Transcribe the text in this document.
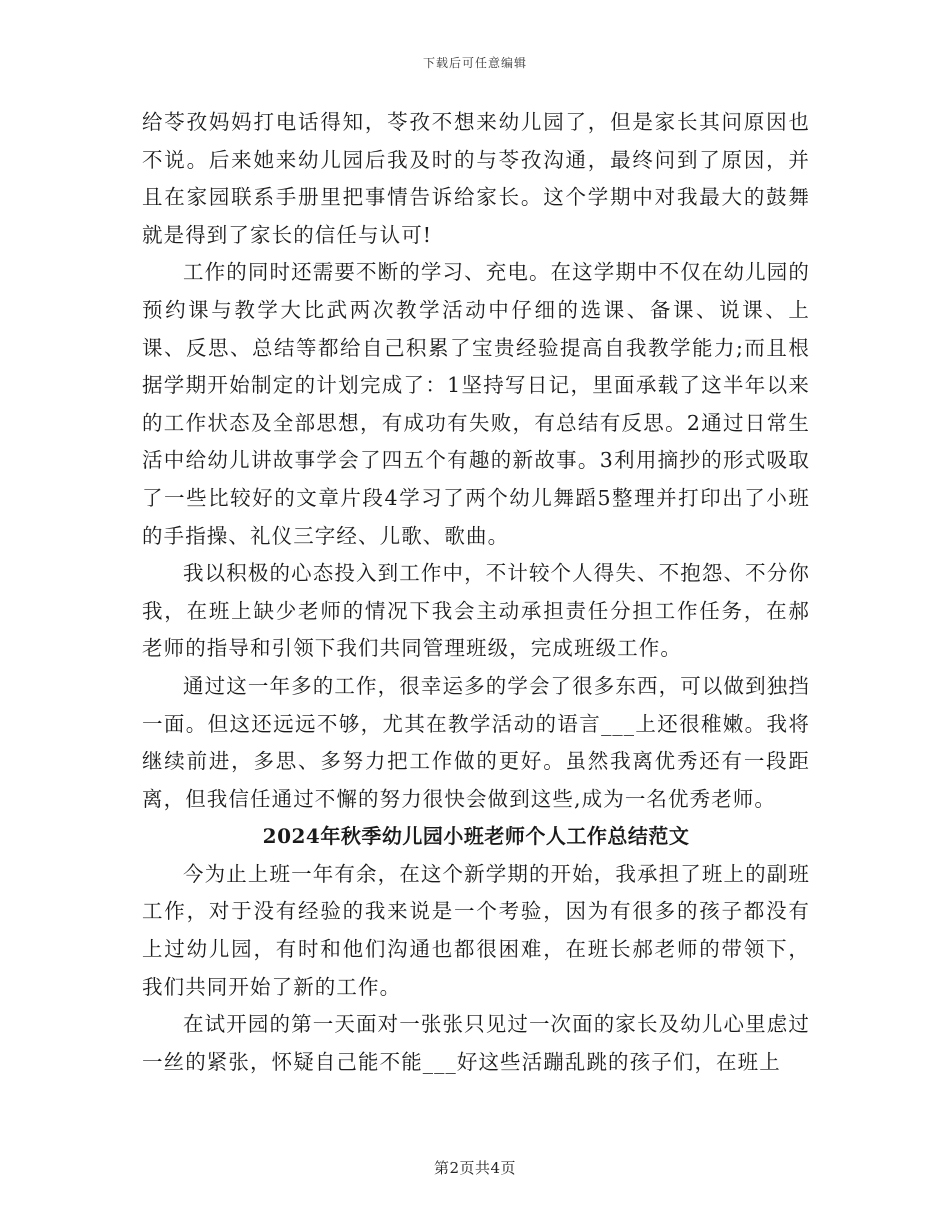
下载后可任意编辑

给苓孜妈妈打电话得知，苓孜不想来幼儿园了，但是家长其问原因也不说。后来她来幼儿园后我及时的与苓孜沟通，最终问到了原因，并且在家园联系手册里把事情告诉给家长。这个学期中对我最大的鼓舞就是得到了家长的信任与认可!

工作的同时还需要不断的学习、充电。在这学期中不仅在幼儿园的预约课与教学大比武两次教学活动中仔细的选课、备课、说课、上课、反思、总结等都给自己积累了宝贵经验提高自我教学能力;而且根据学期开始制定的计划完成了：1坚持写日记，里面承载了这半年以来的工作状态及全部思想，有成功有失败，有总结有反思。2通过日常生活中给幼儿讲故事学会了四五个有趣的新故事。3利用摘抄的形式吸取了一些比较好的文章片段4学习了两个幼儿舞蹈5整理并打印出了小班的手指操、礼仪三字经、儿歌、歌曲。

我以积极的心态投入到工作中，不计较个人得失、不抱怨、不分你我，在班上缺少老师的情况下我会主动承担责任分担工作任务，在郝老师的指导和引领下我们共同管理班级，完成班级工作。

通过这一年多的工作，很幸运多的学会了很多东西，可以做到独挡一面。但这还远远不够，尤其在教学活动的语言___上还很稚嫩。我将继续前进，多思、多努力把工作做的更好。虽然我离优秀还有一段距离，但我信任通过不懈的努力很快会做到这些,成为一名优秀老师。

2024年秋季幼儿园小班老师个人工作总结范文

今为止上班一年有余，在这个新学期的开始，我承担了班上的副班工作，对于没有经验的我来说是一个考验，因为有很多的孩子都没有上过幼儿园，有时和他们沟通也都很困难，在班长郝老师的带领下，我们共同开始了新的工作。

在试开园的第一天面对一张张只见过一次面的家长及幼儿心里虑过一丝的紧张，怀疑自己能不能___好这些活蹦乱跳的孩子们，在班上

第2页共4页
